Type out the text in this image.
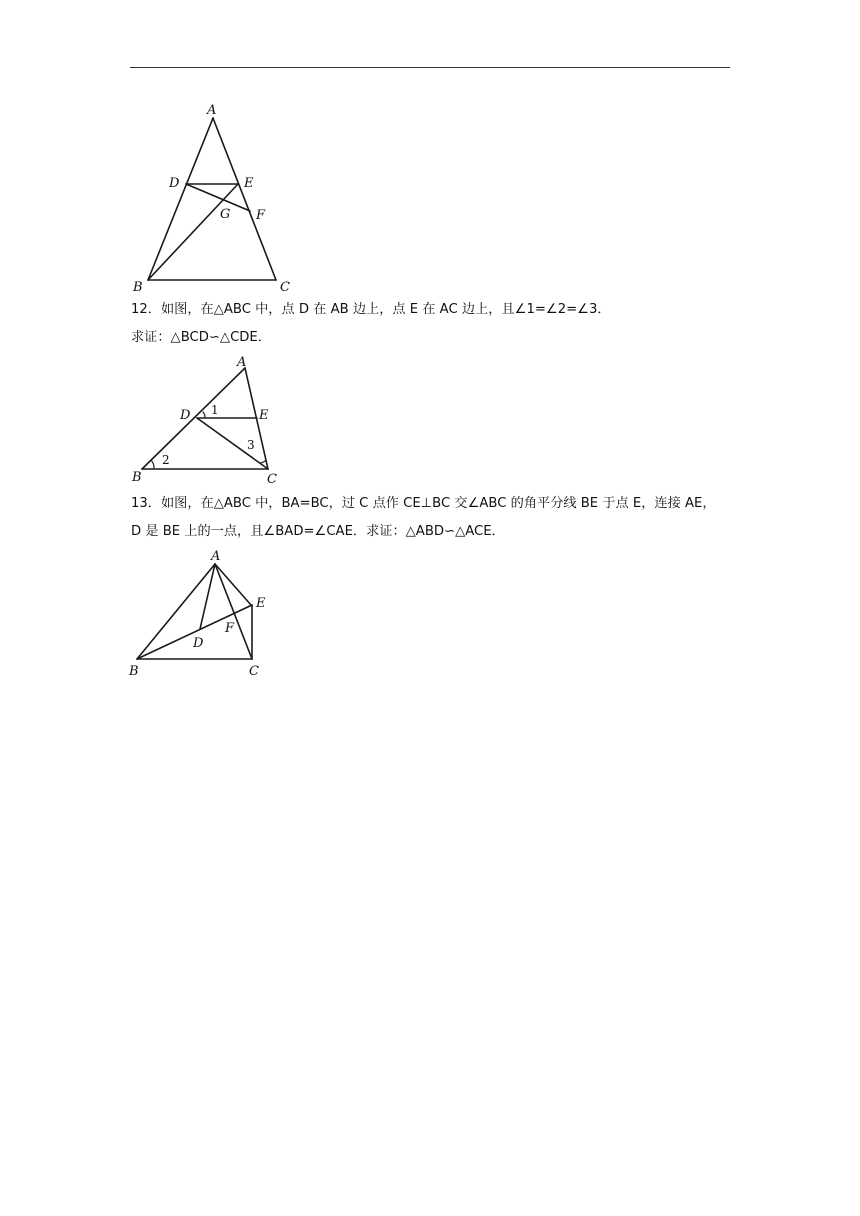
A
D	E
G F
B	C
12．如图，在△ABC 中，点 D 在 AB 边上，点 E 在 AC 边上，且∠1=∠2=∠3．
求证：△BCD∽△CDE．
A
D	E
B	C
1
2
3
13．如图，在△ABC 中，BA=BC，过 C 点作 CE⊥BC 交∠ABC 的角平分线 BE 于点 E，连接 AE，
D 是 BE 上的一点，且∠BAD=∠CAE．求证：△ABD∽△ACE．
A
E
F
D
B	C
